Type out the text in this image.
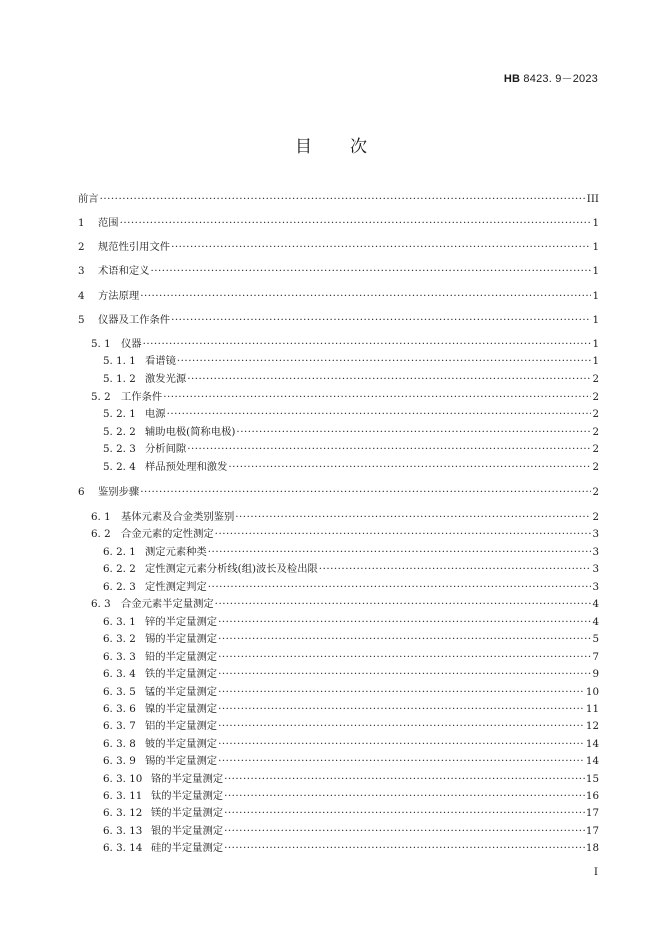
HB 8423. 9－2023
目次
前言 ·····	III
1	范围 ·····	1
2	规范性引用文件 ·····	1
3	术语和定义 ·····	1
4	方法原理 ·····	1
5	仪器及工作条件 ·····	1
5. 1	仪器 ·····	1
5. 1. 1 看谱镜 ·····	1
5. 1. 2 激发光源 ·····	2
5. 2	工作条件 ·····	2
5. 2. 1 电源 ·····	2
5. 2. 2 辅助电极(简称电极) ·····	2
5. 2. 3 分析间隙 ·····	2
5. 2. 4 样品预处理和激发 ·····	2
6	鉴别步骤 ·····	2
6. 1	基体元素及合金类别鉴别 ·····	2
6. 2	合金元素的定性测定 ·····	3
6. 2. 1 测定元素种类 ·····	3
6. 2. 2 定性测定元素分析线(组)波长及检出限 ·····	3
6. 2. 3 定性测定判定 ·····	3
6. 3	合金元素半定量测定 ·····	4
6. 3. 1 锌的半定量测定 ·····	4
6. 3. 2 锡的半定量测定 ·····	5
6. 3. 3 铅的半定量测定 ·····	7
6. 3. 4 铁的半定量测定 ·····	9
6. 3. 5 锰的半定量测定 ·····	10
6. 3. 6 镍的半定量测定 ·····	11
6. 3. 7 铝的半定量测定 ·····	12
6. 3. 8 铍的半定量测定 ·····	14
6. 3. 9 锡的半定量测定 ·····	14
6. 3. 10 铬的半定量测定 ·····	15
6. 3. 11 钛的半定量测定 ·····	16
6. 3. 12 镁的半定量测定 ·····	17
6. 3. 13 银的半定量测定 ·····	17
6. 3. 14 硅的半定量测定 ·····	18
I
